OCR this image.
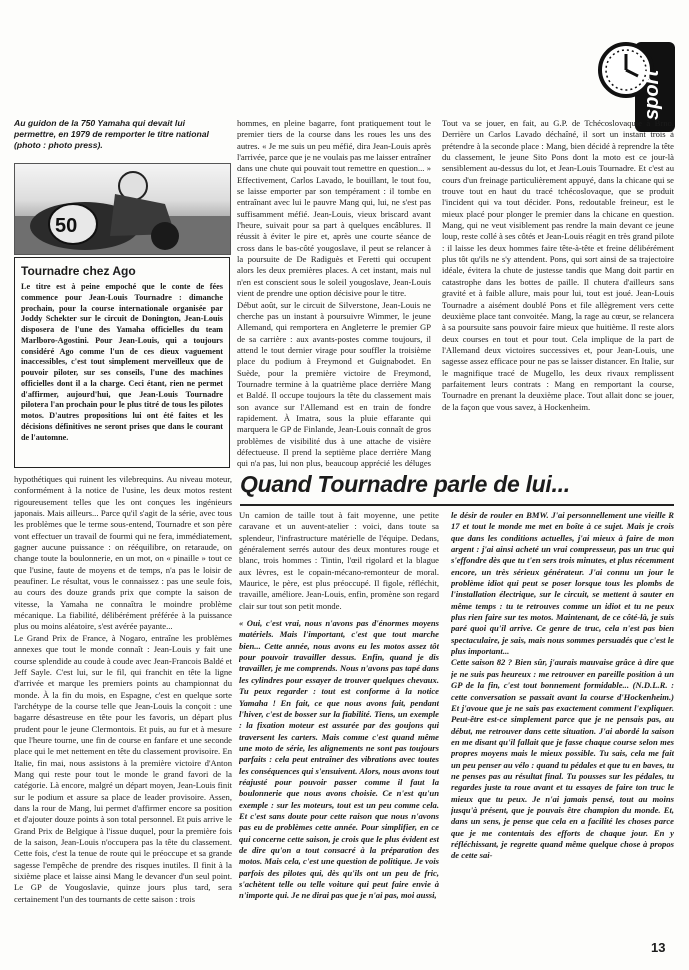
sport
Au guidon de la 750 Yamaha qui devait lui permettre, en 1979 de remporter le titre national (photo : photo press).
50
Tournadre chez Ago
Le titre est à peine empoché que le conte de fées commence pour Jean-Louis Tournadre : dimanche prochain, pour la course internationale organisée par Joddy Schekter sur le circuit de Donington, Jean-Louis disposera de l'une des Yamaha officielles du team Marlboro-Agostini. Pour Jean-Louis, qui a toujours considéré Ago comme l'un de ces dieux vaguement inaccessibles, c'est tout simplement merveilleux que de pouvoir piloter, sur ses conseils, l'une des machines officielles dont il a la charge. Ceci étant, rien ne permet d'affirmer, aujourd'hui, que Jean-Louis Tournadre pilotera l'an prochain pour le plus titré de tous les pilotes motos. D'autres propositions lui ont été faites et les décisions définitives ne seront prises que dans le courant de l'automne.
hypothétiques qui ruinent les vilebrequins. Au niveau moteur, conformément à la notice de l'usine, les deux motos restent rigoureusement telles que les ont conçues les ingénieurs japonais. Mais ailleurs... Parce qu'il s'agit de la série, avec tous les problèmes que le terme sous-entend, Tournadre et son père vont effectuer un travail de fourmi qui ne fera, immédiatement, gagner aucune puissance : on rééquilibre, on retaraude, on change toute la boulonnerie, en un mot, on « pinaille » tout ce que l'usine, faute de moyens et de temps, n'a pas le loisir de peaufiner. Le résultat, vous le connaissez : pas une seule fois, au cours des douze grands prix que compte la saison de vitesse, la Yamaha ne connaîtra le moindre problème mécanique. La fiabilité, délibérément préférée à la puissance plus ou moins aléatoire, s'est avérée payante...
Le Grand Prix de France, à Nogaro, entraîne les problèmes annexes que tout le monde connaît : Jean-Louis y fait une course splendide au coude à coude avec Jean-Francois Baldé et Jeff Sayle. C'est lui, sur le fil, qui franchit en tête la ligne d'arrivée et marque les premiers points au championnat du monde. À la fin du mois, en Espagne, c'est en quelque sorte l'archétype de la course telle que Jean-Louis la conçoit : une bagarre désastreuse en tête pour les favoris, un départ plus prudent pour le jeune Clermontois. Et puis, au fur et à mesure que l'heure tourne, une fin de course en fanfare et une seconde place qui le met nettement en tête du classement provisoire. En Italie, fin mai, nous assistons à la première victoire d'Anton Mang qui reste pour tout le monde le grand favori de la catégorie. Là encore, malgré un départ moyen, Jean-Louis finit sur le podium et assure sa place de leader provisoire. Assen, dans la rour de Mang, lui permet d'affirmer encore sa position et d'ajouter douze points à son total personnel. Et puis arrive le Grand Prix de Belgique à l'issue duquel, pour la première fois de la saison, Jean-Louis n'occupera pas la tête du classement. Cette fois, c'est la tenue de route qui le préoccupe et sa grande sagesse l'empêche de prendre des risques inutiles. Il finit à la sixième place et laisse ainsi Mang le devancer d'un seul point. Le GP de Yougoslavie, quinze jours plus tard, sera certainement l'un des tournants de cette saison : trois
hommes, en pleine bagarre, font pratiquement tout le premier tiers de la course dans les roues les uns des autres. « Je me suis un peu méfié, dira Jean-Louis après l'arrivée, parce que je ne voulais pas me laisser entraîner dans une chute qui pouvait tout remettre en question... » Effectivement, Carlos Lavado, le bouillant, le tout fou, se laisse emporter par son tempérament : il tombe en entraînant avec lui le pauvre Mang qui, lui, ne s'est pas suffisamment méfié. Jean-Louis, vieux briscard avant l'heure, suivait pour sa part à quelques encâblures. Il réussit à éviter le pire et, après une courte séance de cross dans le bas-côté yougoslave, il peut se relancer à la poursuite de De Radiguès et Feretti qui occupent alors les deux premières places. A cet instant, mais nul n'en est conscient sous le soleil yougoslave, Jean-Louis vient de prendre une option décisive pour le titre.
Début août, sur le circuit de Silverstone, Jean-Louis ne cherche pas un instant à poursuivre Wimmer, le jeune Allemand, qui remportera en Angleterre le premier GP de sa carrière : aux avants-postes comme toujours, il attend le tout dernier virage pour souffler la troisième place du podium à Freymond et Guignabodet. En Suède, pour la première victoire de Freymond, Tournadre termine à la quatrième place derrière Mang et Baldé. Il occupe toujours la tête du classement mais son avance sur l'Allemand est en train de fondre rapidement. À Imatra, sous la pluie effarante qui marquera le GP de Finlande, Jean-Louis connaît de gros problèmes de visibilité dus à une attache de visière défectueuse. Il prend la septième place derrière Mang qui n'a pas, lui non plus, beaucoup apprécié les déluges
Tout va se jouer, en fait, au G.P. de Tchécoslovaquie à Brno. Derrière un Carlos Lavado déchaîné, il sort un instant trois à prétendre à la seconde place : Mang, bien décidé à reprendre la tête du classement, le jeune Sito Pons dont la moto est ce jour-là sensiblement au-dessus du lot, et Jean-Louis Tournadre. Et c'est au cours d'un freinage particulièrement appuyé, dans la chicane qui se trouve tout en haut du tracé tchécoslovaque, que se produit l'incident qui va tout décider. Pons, redoutable freineur, est le mieux placé pour plonger le premier dans la chicane en question. Mang, qui ne veut visiblement pas rendre la main devant ce jeune loup, reste collé à ses côtés et Jean-Louis réagit en très grand pilote : il laisse les deux hommes faire tête-à-tête et freine délibérément plus tôt qu'ils ne s'y attendent. Pons, qui sort ainsi de sa trajectoire idéale, évitera la chute de justesse tandis que Mang doit partir en catastrophe dans les bottes de paille. Il chutera d'ailleurs sans gravité et à faible allure, mais pour lui, tout est joué. Jean-Louis Tournadre a aisément doublé Pons et file allègrement vers cette deuxième place tant convoitée. Mang, la rage au cœur, se relancera à sa poursuite sans pouvoir faire mieux que huitième. Il reste alors deux courses en tout et pour tout. Cela implique de la part de l'Allemand deux victoires successives et, pour Jean-Louis, une sagesse assez efficace pour ne pas se laisser distancer. En Italie, sur le magnifique tracé de Mugello, les deux rivaux remplissent parfaitement leurs contrats : Mang en remportant la course, Tournadre en prenant la deuxième place. Tout allait donc se jouer, de la façon que vous savez, à Hockenheim.
Quand Tournadre parle de lui...

Un camion de taille tout à fait moyenne, une petite caravane et un auvent-atelier : voici, dans toute sa splendeur, l'infrastructure matérielle de l'équipe. Dedans, généralement serrés autour des deux montures rouge et blanc, trois hommes : Tintin, l'œil rigolard et la blague aux lèvres, est le copain-mécano-remonteur de moral. Maurice, le père, est plus préoccupé. Il figole, réfléchit, travaille, améliore. Jean-Louis, enfin, promène son regard clair sur tout son petit monde.

« Oui, c'est vrai, nous n'avons pas d'énormes moyens matériels. Mais l'important, c'est que tout marche bien... Cette année, nous avons eu les motos assez tôt pour pouvoir travailler dessus. Enfin, quand je dis travailler, je me comprends. Nous n'avons pas tapé dans les cylindres pour essayer de trouver quelques chevaux. Tu peux regarder : tout est conforme à la notice Yamaha ! En fait, ce que nous avons fait, pendant l'hiver, c'est de bosser sur la fiabilité. Tiens, un exemple : la fixation moteur est assurée par des goujons qui traversent les carters. Mais comme c'est quand même une moto de série, les alignements ne sont pas toujours parfaits : cela peut entraîner des vibrations avec toutes les conséquences qui s'ensuivent. Alors, nous avons tout réajusté pour pouvoir passer comme il faut la boulonnerie que nous avons choisie. Ce n'est qu'un exemple : sur les moteurs, tout est un peu comme cela. Et c'est sans doute pour cette raison que nous n'avons pas eu de problèmes cette année. Pour simplifier, en ce qui concerne cette saison, je crois que le plus évident est de dire qu'on a tout consacré à la préparation des motos. Mais cela, c'est une question de politique. Je vois parfois des pilotes qui, dès qu'ils ont un peu de fric, s'achètent telle ou telle voiture qui peut faire envie à n'importe qui. Je ne dirai pas que je n'ai pas, moi aussi,

le désir de rouler en BMW. J'ai personnellement une vieille R 17 et tout le monde me met en boîte à ce sujet. Mais je crois que dans les conditions actuelles, j'ai mieux à faire de mon argent : j'ai ainsi acheté un vrai compresseur, pas un truc qui s'effondre dès que tu t'en sers trois minutes, et plus récemment encore, un très sérieux générateur. J'ai connu un jour le problème idiot qui peut se poser lorsque tous les plombs de l'installation électrique, sur le circuit, se mettent à sauter en même temps : tu te retrouves comme un idiot et tu ne peux plus rien faire sur tes motos. Maintenant, de ce côté-là, je suis paré quoi qu'il arrive. Ce genre de truc, cela n'est pas bien spectaculaire, je sais, mais nous sommes persuadés que c'est le plus important...
Cette saison 82 ? Bien sûr, j'aurais mauvaise grâce à dire que je ne suis pas heureux : me retrouver en pareille position à un GP de la fin, c'est tout bonnement formidable... (N.D.L.R. : cette conversation se passait avant la course d'Hockenheim.) Et j'avoue que je ne sais pas exactement comment l'expliquer. Peut-être est-ce simplement parce que je ne pensais pas, au début, me retrouver dans cette situation. J'ai abordé la saison en me disant qu'il fallait que je fasse chaque course selon mes propres moyens mais le mieux possible. Tu sais, cela me fait un peu penser au vélo : quand tu pédales et que tu en baves, tu ne penses pas au résultat final. Tu pousses sur les pédales, tu regardes juste ta roue avant et tu essayes de faire ton truc le mieux que tu peux. Je n'ai jamais pensé, tout au moins jusqu'à présent, que je pouvais être champion du monde. Et, dans un sens, je pense que cela en a facilité les choses parce que je me contentais des efforts de chaque jour. En y réfléchissant, je regrette quand même quelque chose à propos de cette sai-
13
